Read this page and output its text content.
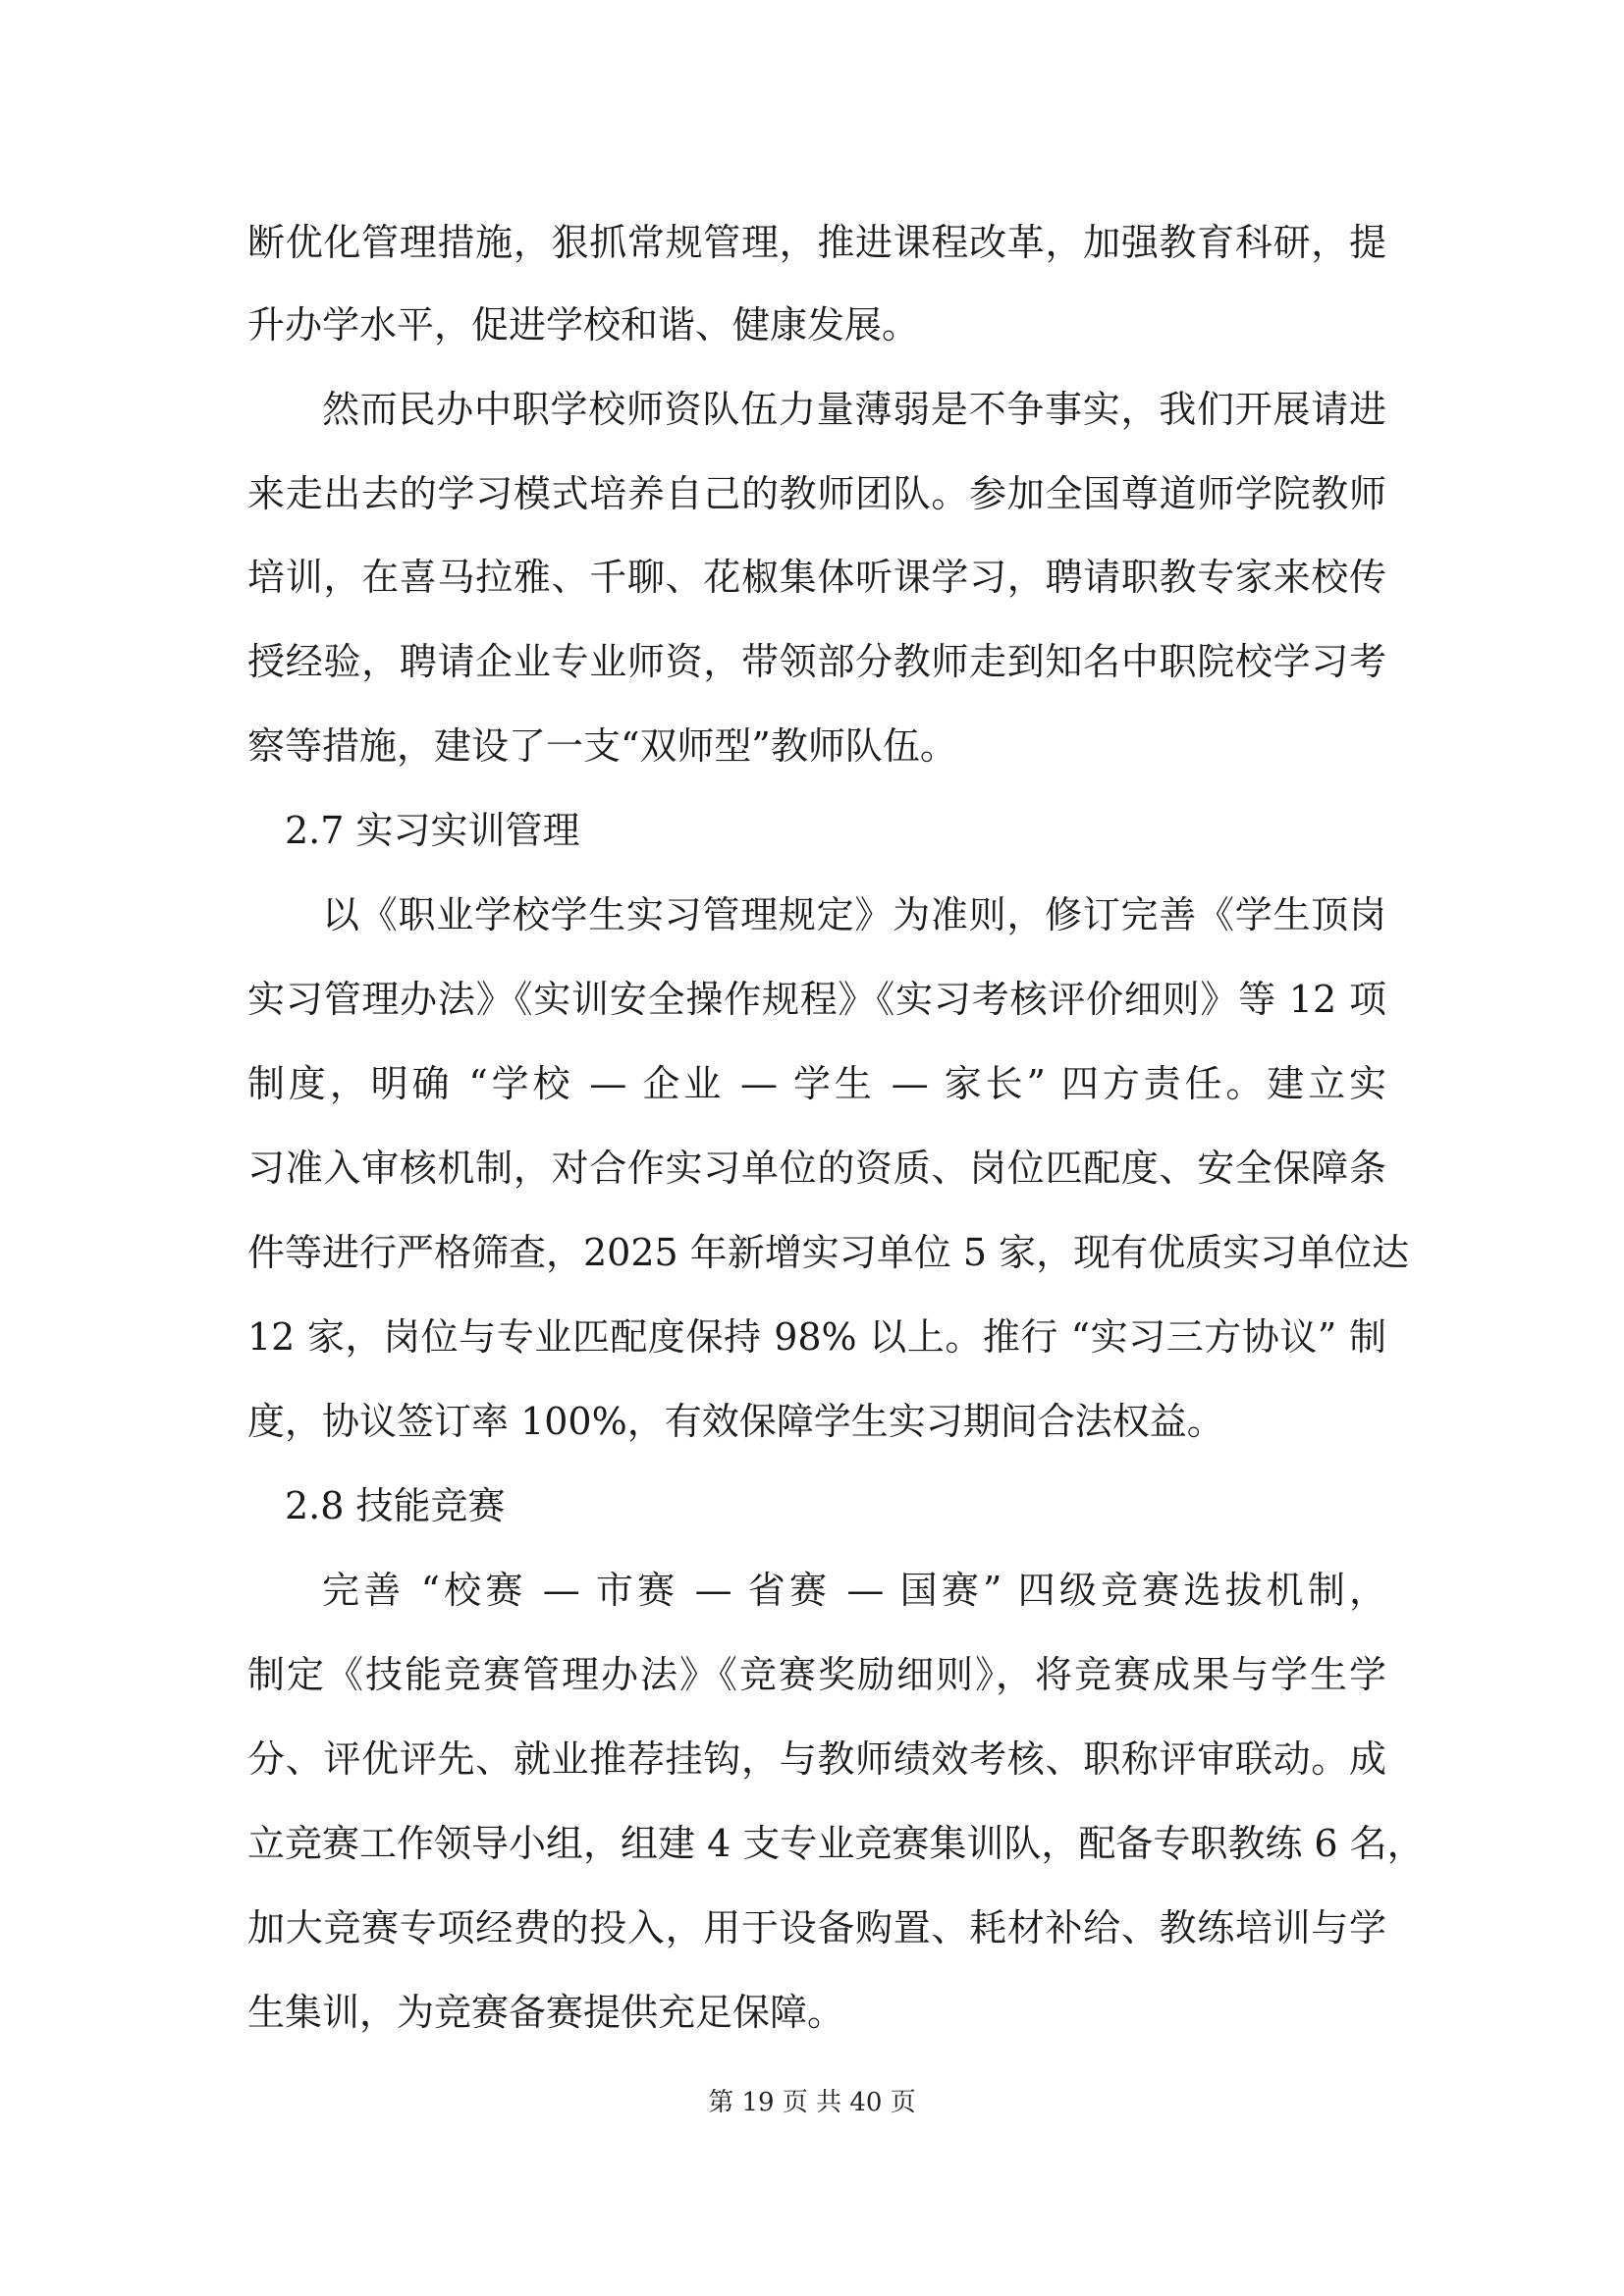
断优化管理措施，狠抓常规管理，推进课程改革，加强教育科研，提

升办学水平，促进学校和谐、健康发展。

然而民办中职学校师资队伍力量薄弱是不争事实，我们开展请进

来走出去的学习模式培养自己的教师团队。参加全国尊道师学院教师

培训，在喜马拉雅、千聊、花椒集体听课学习，聘请职教专家来校传

授经验，聘请企业专业师资，带领部分教师走到知名中职院校学习考

察等措施，建设了一支“双师型”教师队伍。

2.7 实习实训管理

以《职业学校学生实习管理规定》为准则，修订完善《学生顶岗

实习管理办法》《实训安全操作规程》《实习考核评价细则》等 12 项

制度，明确 “学校 — 企业 — 学生 — 家长” 四方责任。建立实

习准入审核机制，对合作实习单位的资质、岗位匹配度、安全保障条

件等进行严格筛查，2025 年新增实习单位 5 家，现有优质实习单位达

12 家，岗位与专业匹配度保持 98% 以上。推行 “实习三方协议” 制

度，协议签订率 100%，有效保障学生实习期间合法权益。

2.8 技能竞赛

完善 “校赛 — 市赛 — 省赛 — 国赛” 四级竞赛选拔机制，

制定《技能竞赛管理办法》《竞赛奖励细则》，将竞赛成果与学生学

分、评优评先、就业推荐挂钩，与教师绩效考核、职称评审联动。成

立竞赛工作领导小组，组建 4 支专业竞赛集训队，配备专职教练 6 名，

加大竞赛专项经费的投入，用于设备购置、耗材补给、教练培训与学

生集训，为竞赛备赛提供充足保障。

第 19 页 共 40 页
